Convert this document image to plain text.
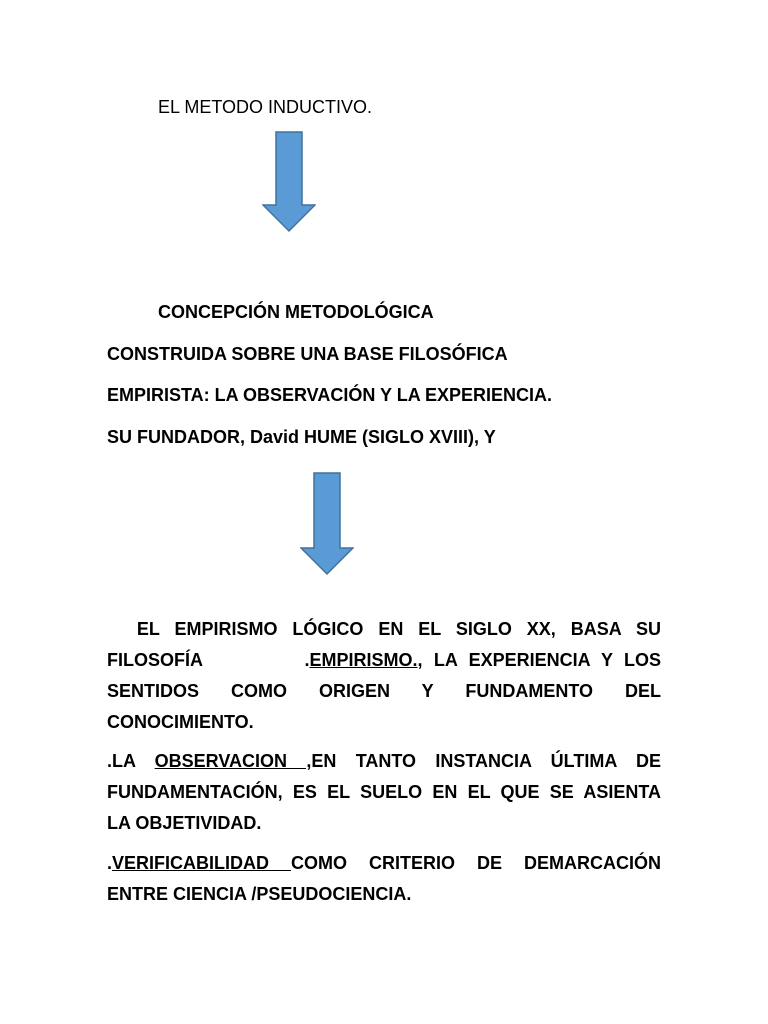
EL METODO INDUCTIVO.
CONCEPCIÓN METODOLÓGICA
CONSTRUIDA SOBRE UNA BASE FILOSÓFICA
EMPIRISTA: LA OBSERVACIÓN Y LA EXPERIENCIA.
SU FUNDADOR, David HUME (SIGLO XVIII), Y
EL EMPIRISMO LÓGICO EN EL SIGLO XX, BASA SU
FILOSOFÍA         .EMPIRISMO., LA EXPERIENCIA Y LOS
SENTIDOS COMO ORIGEN Y FUNDAMENTO DEL
CONOCIMIENTO.
.LA OBSERVACION ,EN TANTO INSTANCIA ÚLTIMA DE
FUNDAMENTACIÓN, ES EL SUELO EN EL QUE SE ASIENTA
LA OBJETIVIDAD.
.VERIFICABILIDAD COMO CRITERIO DE DEMARCACIÓN
ENTRE CIENCIA /PSEUDOCIENCIA.
